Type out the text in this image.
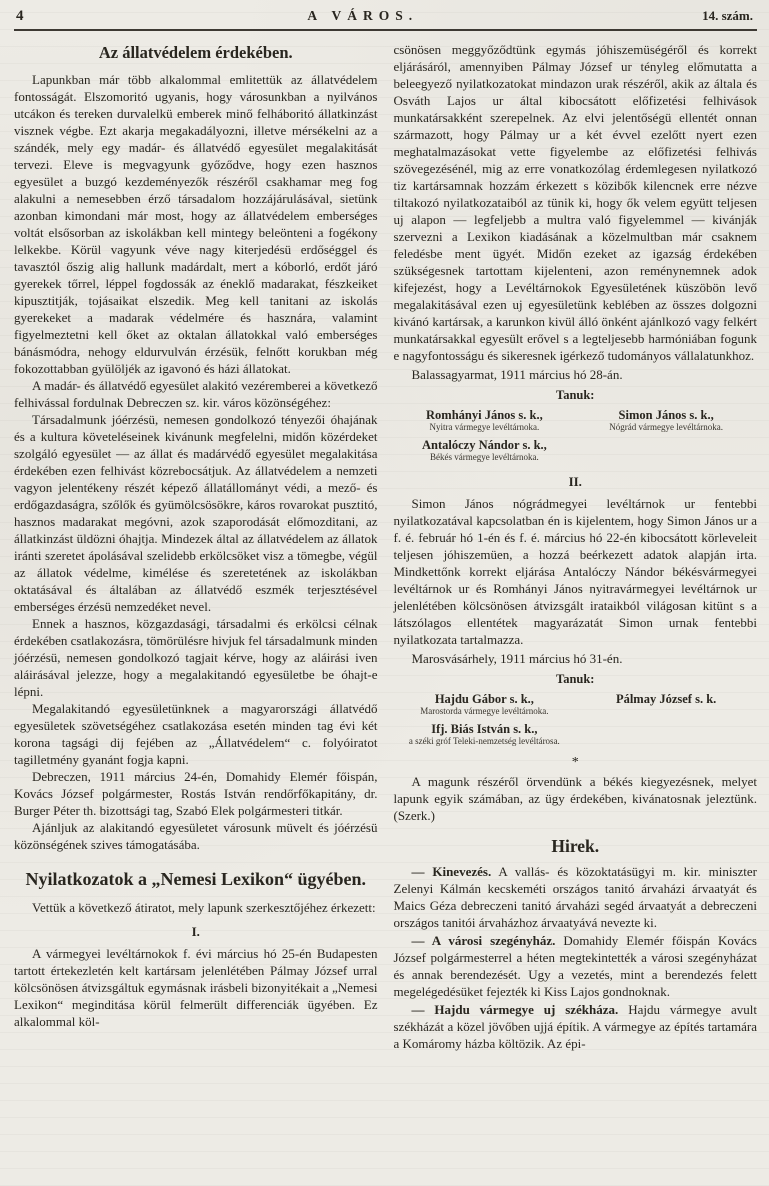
4	A VÁROS.	14. szám.
Az állatvédelem érdekében.

Lapunkban már több alkalommal emlitettük az állatvédelem fontosságát. Elszomoritó ugyanis, hogy városunkban a nyilvános utcákon és tereken durvalelkü emberek minő felháboritó állatkinzást visznek végbe. Ezt akarja megakadályozni, illetve mérsékelni az a szándék, mely egy madár- és állatvédő egyesület megalakitását tervezi. Eleve is megvagyunk győződve, hogy ezen hasznos egyesület a buzgó kezdeményezők részéről csakhamar meg fog alakulni a nemesebben érző társadalom hozzájárulásával, sietünk azonban kimondani már most, hogy az állatvédelem emberséges voltát elsősorban az iskolákban kell mintegy beleönteni a fogékony lelkekbe. Körül vagyunk véve nagy kiterjedésü erdőséggel és tavasztól őszig alig hallunk madárdalt, mert a kóborló, erdőt járó gyerekek tőrrel, léppel fogdossák az éneklő madarakat, fészkeiket kipusztitják, tojásaikat elszedik. Meg kell tanitani az iskolás gyerekeket a madarak védelmére és hasznára, valamint figyelmeztetni kell őket az oktalan állatokkal való emberséges bánásmódra, nehogy eldurvulván érzésük, felnőtt korukban még fokozottabban gyülöljék az igavonó és házi állatokat.

A madár- és állatvédő egyesület alakitó vezéremberei a következő felhivással fordulnak Debreczen sz. kir. város közönségéhez:

Társadalmunk jóérzésü, nemesen gondolkozó tényezői óhajának és a kultura követeléseinek kivánunk megfelelni, midőn közérdeket szolgáló egyesület — az állat és madárvédő egyesület megalakitása érdekében ezen felhivást közrebocsátjuk. Az állatvédelem a nemzeti vagyon jelentékeny részét képező állatállományt védi, a mező- és erdőgazdaságra, szőlők és gyümölcsösökre, káros rovarokat pusztitó, hasznos madarakat megóvni, azok szaporodását előmozditani, az állatkinzást üldözni óhajtja. Mindezek által az állatvédelem az állatok iránti szeretet ápolásával szelidebb erkölcsöket visz a tömegbe, végül az állatok védelme, kimélése és szeretetének az iskolákban oktatásával és általában az állatvédő eszmék terjesztésével emberséges érzésü nemzedéket nevel.

Ennek a hasznos, közgazdasági, társadalmi és erkölcsi célnak érdekében csatlakozásra, tömörülésre hivjuk fel társadalmunk minden jóérzésü, nemesen gondolkozó tagjait kérve, hogy az aláirási iven aláirásával jelezze, hogy a megalakitandó egyesületbe be óhajt-e lépni.

Megalakitandó egyesületünknek a magyarországi állatvédő egyesületek szövetségéhez csatlakozása esetén minden tag évi két korona tagsági dij fejében az „Állatvédelem“ c. folyóiratot tagilletmény gyanánt fogja kapni.

Debreczen, 1911 március 24-én, Domahidy Elemér főispán, Kovács József polgármester, Rostás István rendőrfőkapitány, dr. Burger Péter th. bizottsági tag, Szabó Elek polgármesteri titkár.

Ajánljuk az alakitandó egyesületet városunk müvelt és jóérzésü közönségének szives támogatásába.

Nyilatkozatok a „Nemesi Lexikon“ ügyében.

Vettük a következő átiratot, mely lapunk szerkesztőjéhez érkezett:

I.

A vármegyei levéltárnokok f. évi március hó 25-én Budapesten tartott értekezletén kelt kartársam jelenlétében Pálmay József urral kölcsönösen átvizsgáltuk egymásnak irásbeli bizonyitékait a „Nemesi Lexikon“ meginditása körül felmerült differenciák ügyében. Ez alkalommal köl-

csönösen meggyőződtünk egymás jóhiszemüségéről és korrekt eljárásáról, amennyiben Pálmay József ur tényleg előmutatta a beleegyező nyilatkozatokat mindazon urak részéről, akik az általa és Osváth Lajos ur által kibocsátott előfizetési felhivások munkatársakként szerepelnek. Az elvi jelentőségü ellentét onnan származott, hogy Pálmay ur a két évvel ezelőtt nyert ezen meghatalmazásokat vette figyelembe az előfizetési felhivás szövegezésénél, mig az erre vonatkozólag érdemlegesen nyilatkozó tiz kartársamnak hozzám érkezett s közibők kilencnek erre nézve tiltakozó nyilatkozataiból az tünik ki, hogy ők velem együtt teljesen uj alapon — legfeljebb a multra való figyelemmel — kivánják szervezni a Lexikon kiadásának a közelmultban már csaknem feledésbe ment ügyét. Midőn ezeket az igazság érdekében szükségesnek tartottam kijelenteni, azon reménynemnek adok kifejezést, hogy a Levéltárnokok Egyesületének küszöbön levő megalakitásával ezen uj egyesületünk keblében az összes dolgozni kivánó kartársak, a karunkon kivül álló önként ajánlkozó vagy felkért munkatársakkal egyesült erővel s a legteljesebb harmóniában fogunk e nagyfontosságu és sikeresnek igérkező tudományos vállalatunkhoz.

Balassagyarmat, 1911 március hó 28-án.

Tanuk:
Romhányi János s. k.,
Nyitra vármegye levéltárnoka.
Simon János s. k.,
Nógrád vármegye levéltárnoka.
Antalóczy Nándor s. k.,
Békés vármegye levéltárnoka.
II.

Simon János nógrádmegyei levéltárnok ur fentebbi nyilatkozatával kapcsolatban én is kijelentem, hogy Simon János ur a f. é. február hó 1-én és f. é. március hó 22-én kibocsátott körleveleit teljesen jóhiszemüen, a hozzá beérkezett adatok alapján irta. Mindkettőnk korrekt eljárása Antalóczy Nándor békésvármegyei levéltárnok ur és Romhányi János nyitravármegyei levéltárnok ur jelenlétében kölcsönösen átvizsgált irataikból világosan kitünt s a látszólagos ellentétek magyarázatát Simon urnak fentebbi nyilatkozata tartalmazza.

Marosvásárhely, 1911 március hó 31-én.

Tanuk:
Hajdu Gábor s. k.,
Marostorda vármegye levéltárnoka.
Pálmay József s. k.
Ifj. Biás István s. k.,
a széki gróf Teleki-nemzetség levéltárosa.
*

A magunk részéről örvendünk a békés kiegyezésnek, melyet lapunk egyik számában, az ügy érdekében, kivánatosnak jeleztünk. (Szerk.)

Hirek.

— Kinevezés. A vallás- és közoktatásügyi m. kir. miniszter Zelenyi Kálmán kecskeméti országos tanitó árvaházi árvaatyát és Maics Géza debreczeni tanitó árvaházi segéd árvaatyát a debreczeni országos tanitói árvaházhoz árvaatyává nevezte ki.

— A városi szegényház. Domahidy Elemér főispán Kovács József polgármesterrel a héten megtekintették a városi szegényházat és annak berendezését. Ugy a vezetés, mint a berendezés felett megelégedésüket fejezték ki Kiss Lajos gondnoknak.

— Hajdu vármegye uj székháza. Hajdu vármegye avult székházát a közel jövőben ujjá építik. A vármegye az építés tartamára a Komáromy házba költözik. Az épi-
